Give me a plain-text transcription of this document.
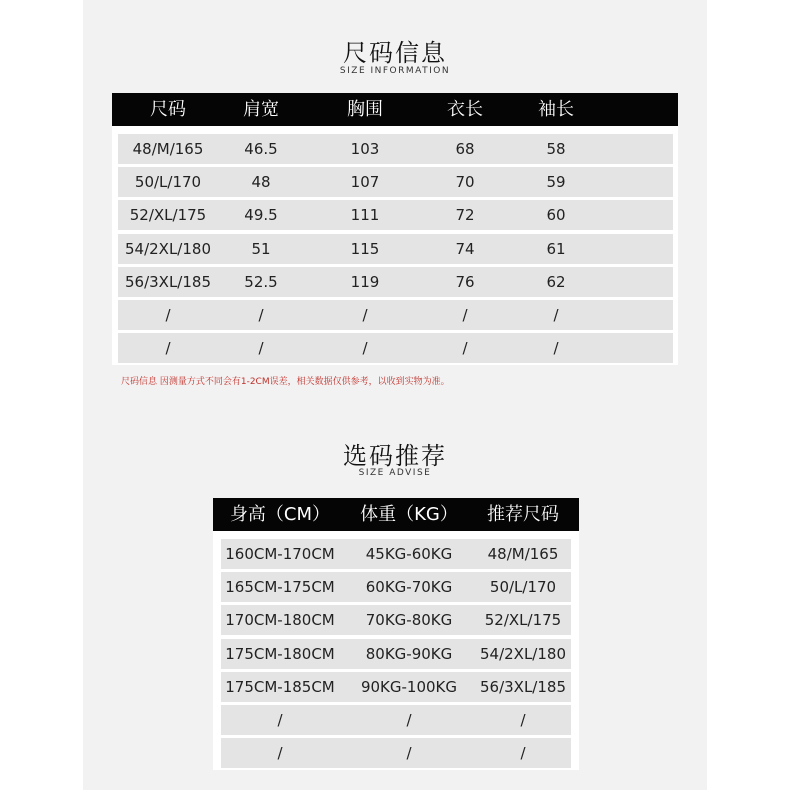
尺码信息
SIZE INFORMATION
尺码	肩宽	胸围	衣长	袖长
48/M/165	46.5	103	68	58
50/L/170	48	107	70	59
52/XL/175	49.5	111	72	60
54/2XL/180	51	115	74	61
56/3XL/185	52.5	119	76	62
/	/	/	/	/
/	/	/	/	/
尺码信息 因测量方式不同会有1-2CM误差，相关数据仅供参考，以收到实物为准。
选码推荐
SIZE ADVISE
身高（CM）	体重（KG）	推荐尺码
160CM-170CM	45KG-60KG	48/M/165
165CM-175CM	60KG-70KG	50/L/170
170CM-180CM	70KG-80KG	52/XL/175
175CM-180CM	80KG-90KG	54/2XL/180
175CM-185CM	90KG-100KG	56/3XL/185
/	/	/
/	/	/
